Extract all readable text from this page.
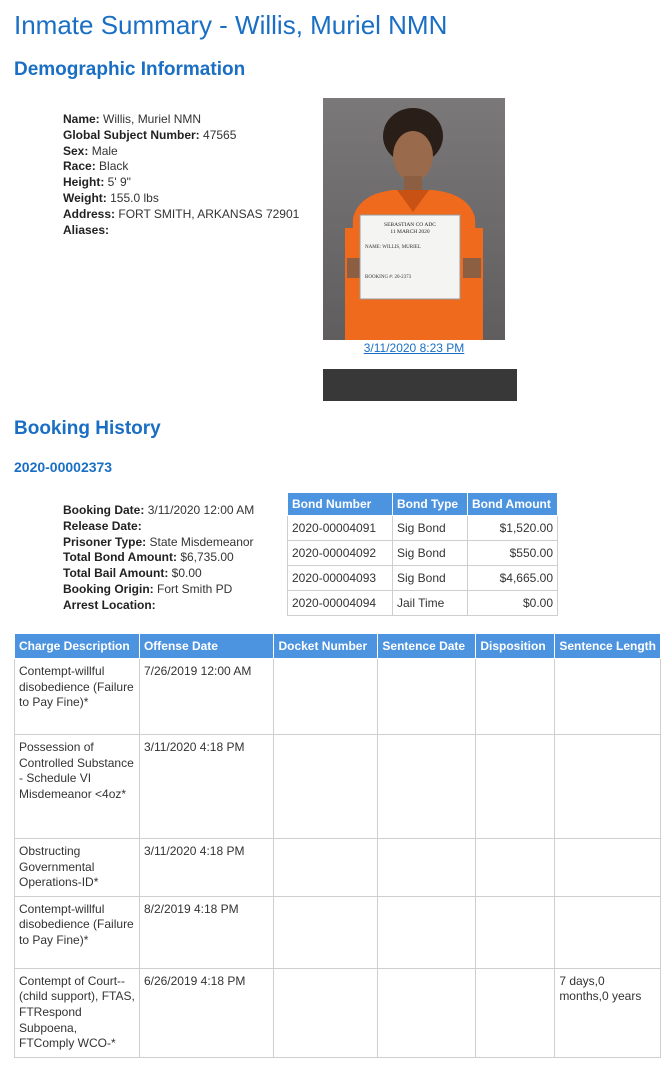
Inmate Summary - Willis, Muriel NMN
Demographic Information
Name: Willis, Muriel NMN
Global Subject Number: 47565
Sex: Male
Race: Black
Height: 5' 9"
Weight: 155.0 lbs
Address: FORT SMITH, ARKANSAS 72901
Aliases:	SEBASTIAN CO ADC
11 MARCH 2020
NAME: WILLIS, MURIEL
BOOKING #: 20-2373
3/11/2020 8:23 PM
Booking History
2020-00002373
Booking Date: 3/11/2020 12:00 AM
Release Date:
Prisoner Type: State Misdemeanor
Total Bond Amount: $6,735.00
Total Bail Amount: $0.00
Booking Origin: Fort Smith PD
Arrest Location:
Bond Number	Bond Type	Bond Amount
2020-00004091	Sig Bond	$1,520.00
2020-00004092	Sig Bond	$550.00
2020-00004093	Sig Bond	$4,665.00
2020-00004094	Jail Time	$0.00
Charge Description	Offense Date	Docket Number	Sentence Date	Disposition	Sentence Length
Contempt-willful disobedience (Failure to Pay Fine)*	7/26/2019 12:00 AM				
Possession of Controlled Substance - Schedule VI Misdemeanor <4oz*	3/11/2020 4:18 PM				
Obstructing Governmental Operations-ID*	3/11/2020 4:18 PM				
Contempt-willful disobedience (Failure to Pay Fine)*	8/2/2019 4:18 PM				
Contempt of Court--(child support), FTAS, FTRespond Subpoena, FTComply WCO-*	6/26/2019 4:18 PM				7 days,0 months,0 years
